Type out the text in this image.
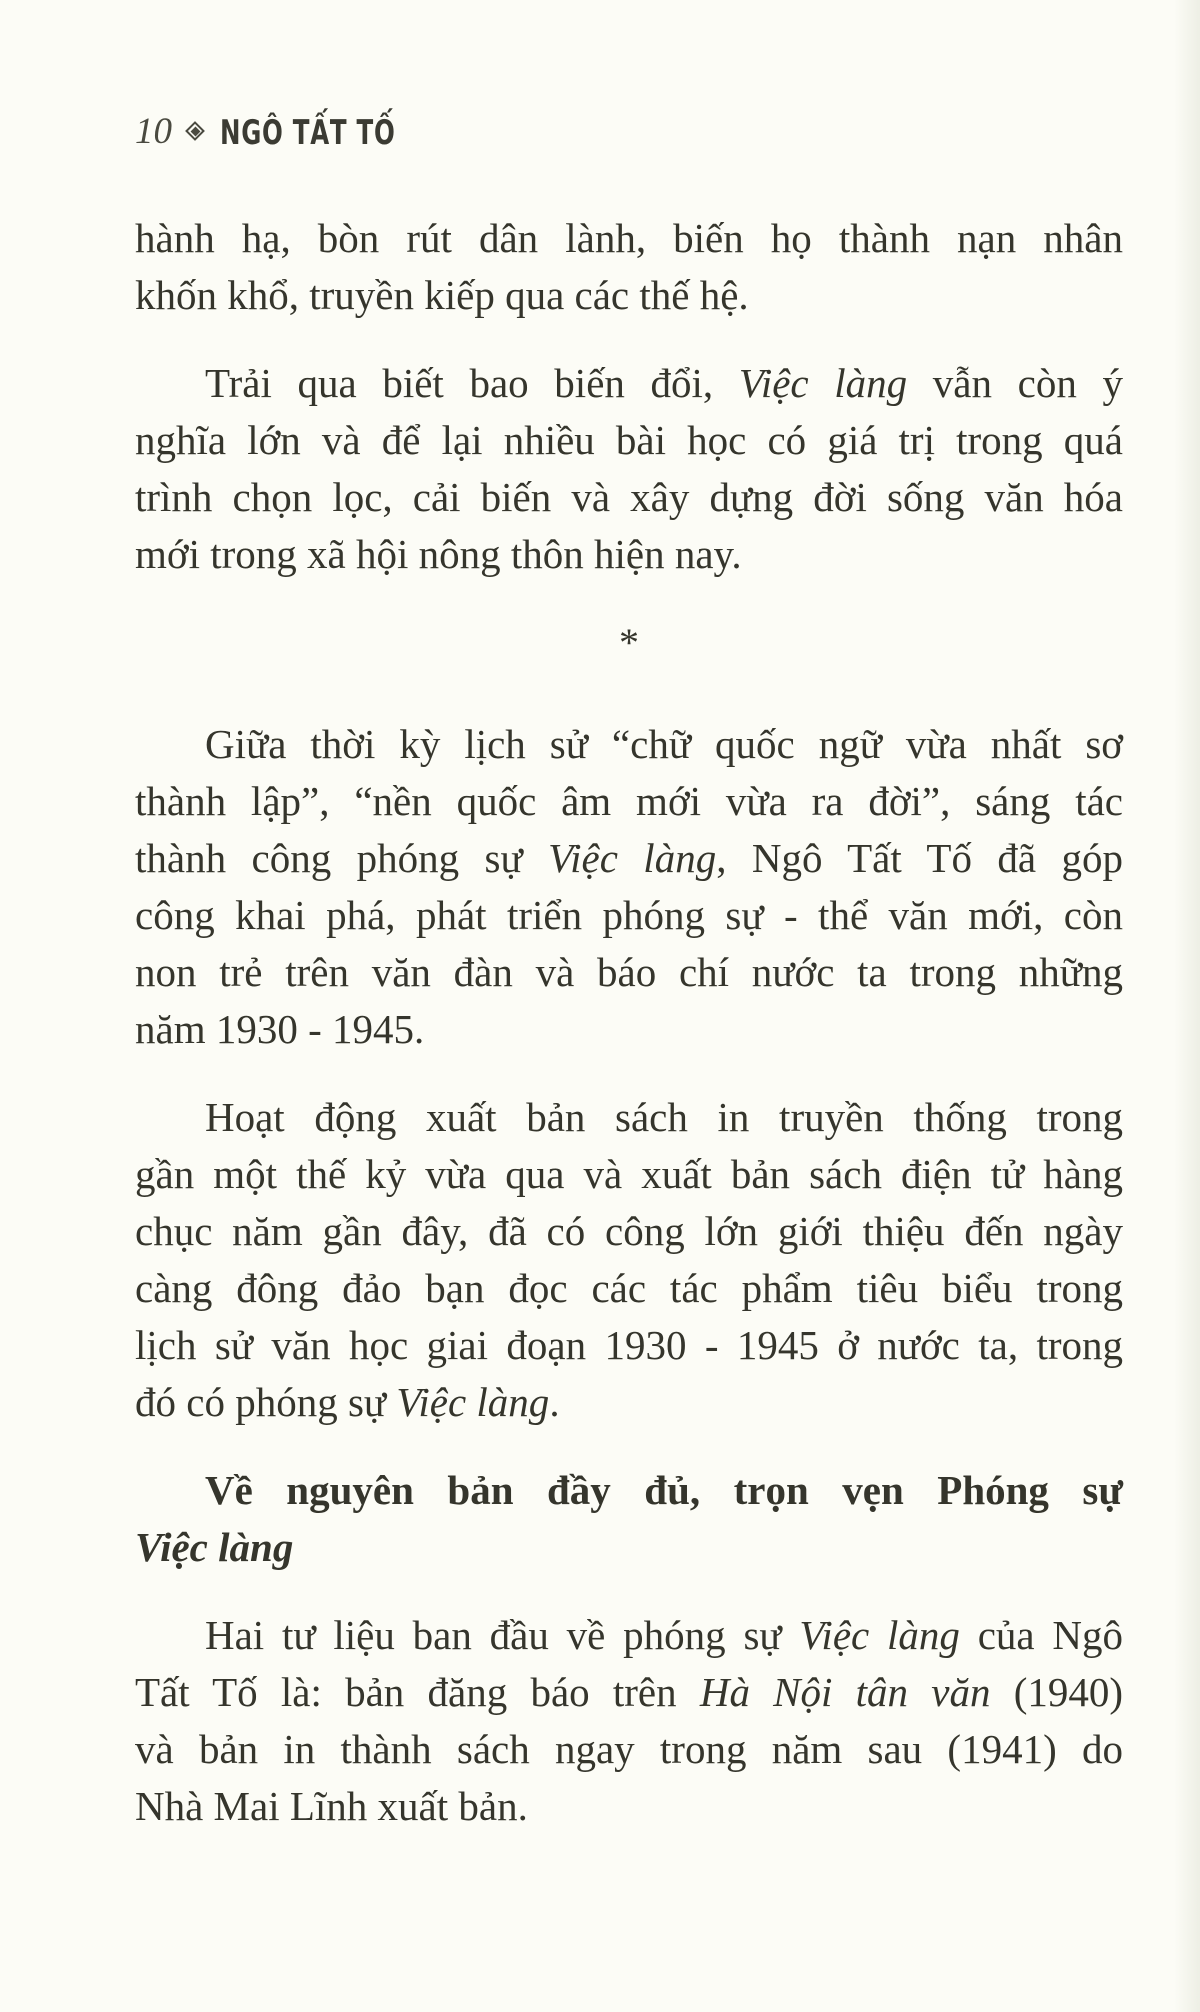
10 NGÔ TẤT TỐ
hành hạ, bòn rút dân lành, biến họ thành nạn nhân
khốn khổ, truyền kiếp qua các thế hệ.
Trải qua biết bao biến đổi, Việc làng vẫn còn ý
nghĩa lớn và để lại nhiều bài học có giá trị trong quá
trình chọn lọc, cải biến và xây dựng đời sống văn hóa
mới trong xã hội nông thôn hiện nay.
*
Giữa thời kỳ lịch sử “chữ quốc ngữ vừa nhất sơ
thành lập”, “nền quốc âm mới vừa ra đời”, sáng tác
thành công phóng sự Việc làng, Ngô Tất Tố đã góp
công khai phá, phát triển phóng sự - thể văn mới, còn
non trẻ trên văn đàn và báo chí nước ta trong những
năm 1930 - 1945.
Hoạt động xuất bản sách in truyền thống trong
gần một thế kỷ vừa qua và xuất bản sách điện tử hàng
chục năm gần đây, đã có công lớn giới thiệu đến ngày
càng đông đảo bạn đọc các tác phẩm tiêu biểu trong
lịch sử văn học giai đoạn 1930 - 1945 ở nước ta, trong
đó có phóng sự Việc làng.
Về nguyên bản đầy đủ, trọn vẹn Phóng sự
Việc làng
Hai tư liệu ban đầu về phóng sự Việc làng của Ngô
Tất Tố là: bản đăng báo trên Hà Nội tân văn (1940)
và bản in thành sách ngay trong năm sau (1941) do
Nhà Mai Lĩnh xuất bản.
